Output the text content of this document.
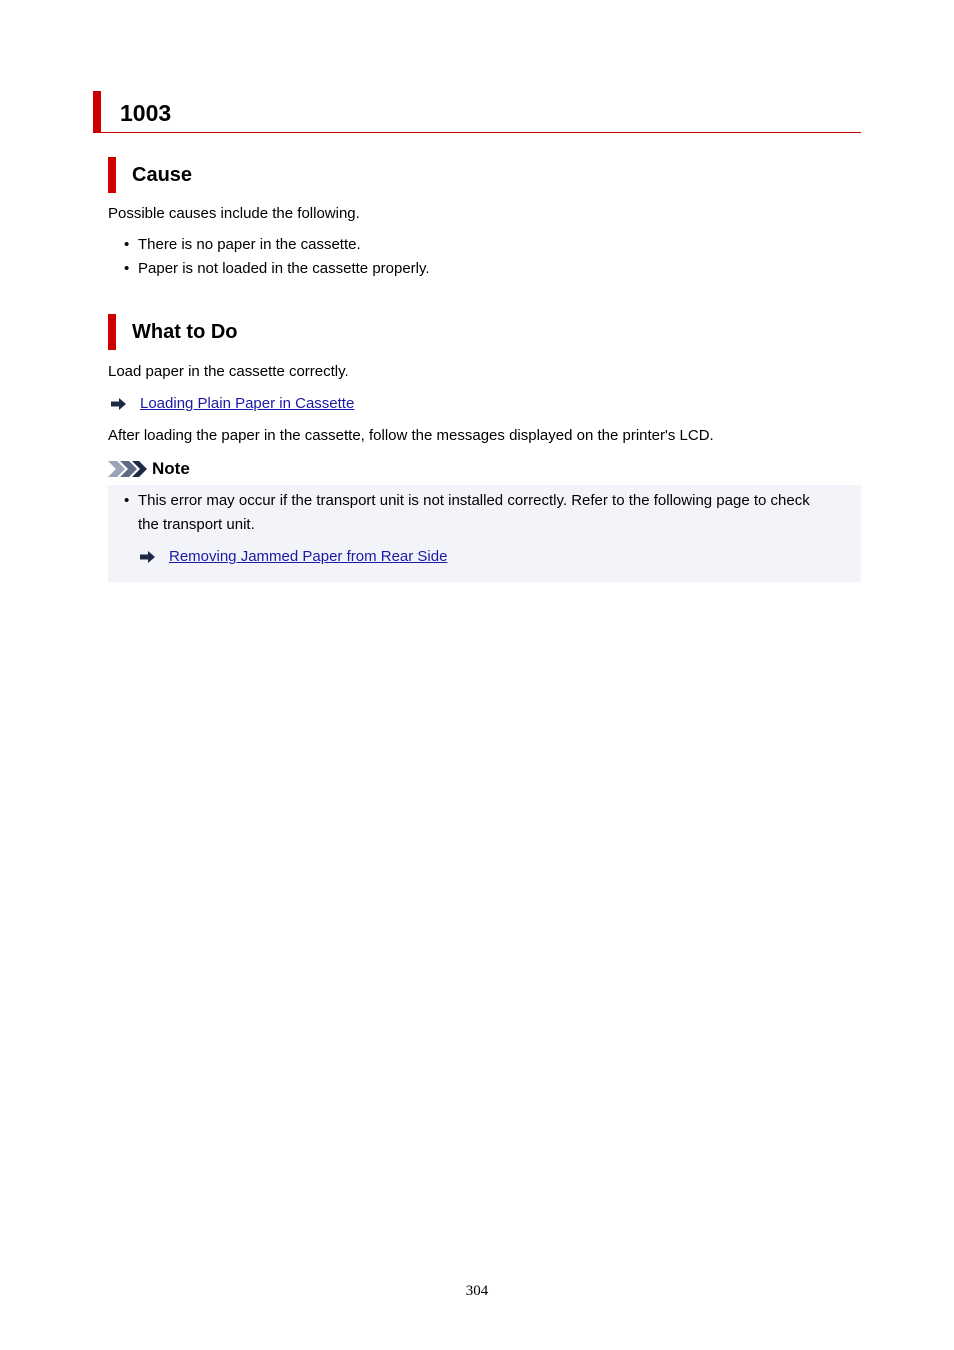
1003
Cause
Possible causes include the following.
• There is no paper in the cassette.
• Paper is not loaded in the cassette properly.
What to Do
Load paper in the cassette correctly.
Loading Plain Paper in Cassette
After loading the paper in the cassette, follow the messages displayed on the printer's LCD.
Note
• This error may occur if the transport unit is not installed correctly. Refer to the following page to check
the transport unit.
Removing Jammed Paper from Rear Side
304
